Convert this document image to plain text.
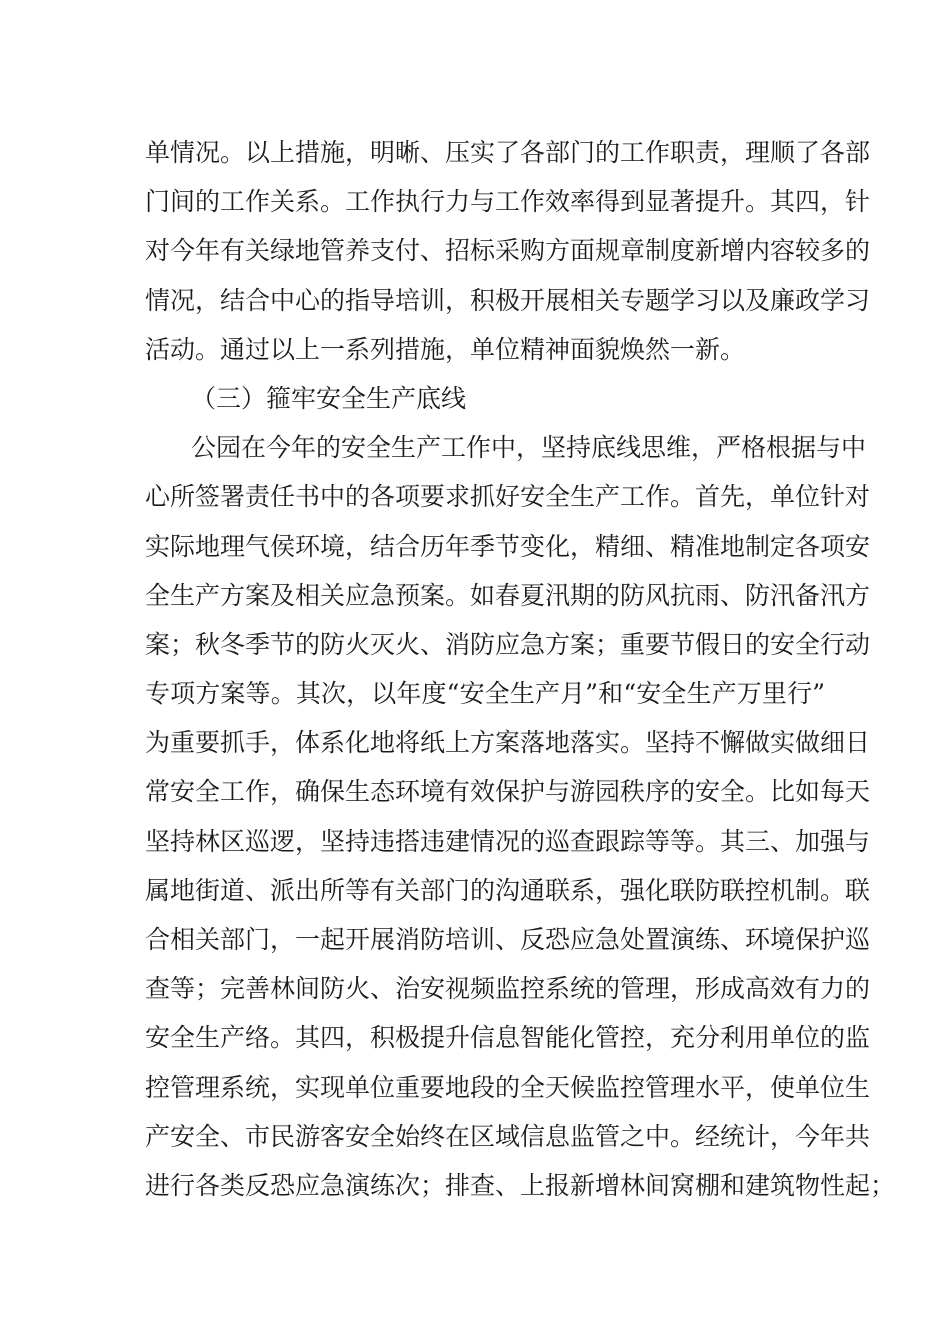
单情况。以上措施，明晰、压实了各部门的工作职责，理顺了各部
门间的工作关系。工作执行力与工作效率得到显著提升。其四，针
对今年有关绿地管养支付、招标采购方面规章制度新增内容较多的
情况，结合中心的指导培训，积极开展相关专题学习以及廉政学习
活动。通过以上一系列措施，单位精神面貌焕然一新。
（三）箍牢安全生产底线
公园在今年的安全生产工作中，坚持底线思维，严格根据与中
心所签署责任书中的各项要求抓好安全生产工作。首先，单位针对
实际地理气侯环境，结合历年季节变化，精细、精准地制定各项安
全生产方案及相关应急预案。如春夏汛期的防风抗雨、防汛备汛方
案；秋冬季节的防火灭火、消防应急方案；重要节假日的安全行动
专项方案等。其次，以年度“安全生产月”和“安全生产万里行”
为重要抓手，体系化地将纸上方案落地落实。坚持不懈做实做细日
常安全工作，确保生态环境有效保护与游园秩序的安全。比如每天
坚持林区巡逻，坚持违搭违建情况的巡查跟踪等等。其三、加强与
属地街道、派出所等有关部门的沟通联系，强化联防联控机制。联
合相关部门，一起开展消防培训、反恐应急处置演练、环境保护巡
查等；完善林间防火、治安视频监控系统的管理，形成高效有力的
安全生产络。其四，积极提升信息智能化管控，充分利用单位的监
控管理系统，实现单位重要地段的全天候监控管理水平，使单位生
产安全、市民游客安全始终在区域信息监管之中。经统计，今年共
进行各类反恐应急演练次；排查、上报新增林间窝棚和建筑物性起；
